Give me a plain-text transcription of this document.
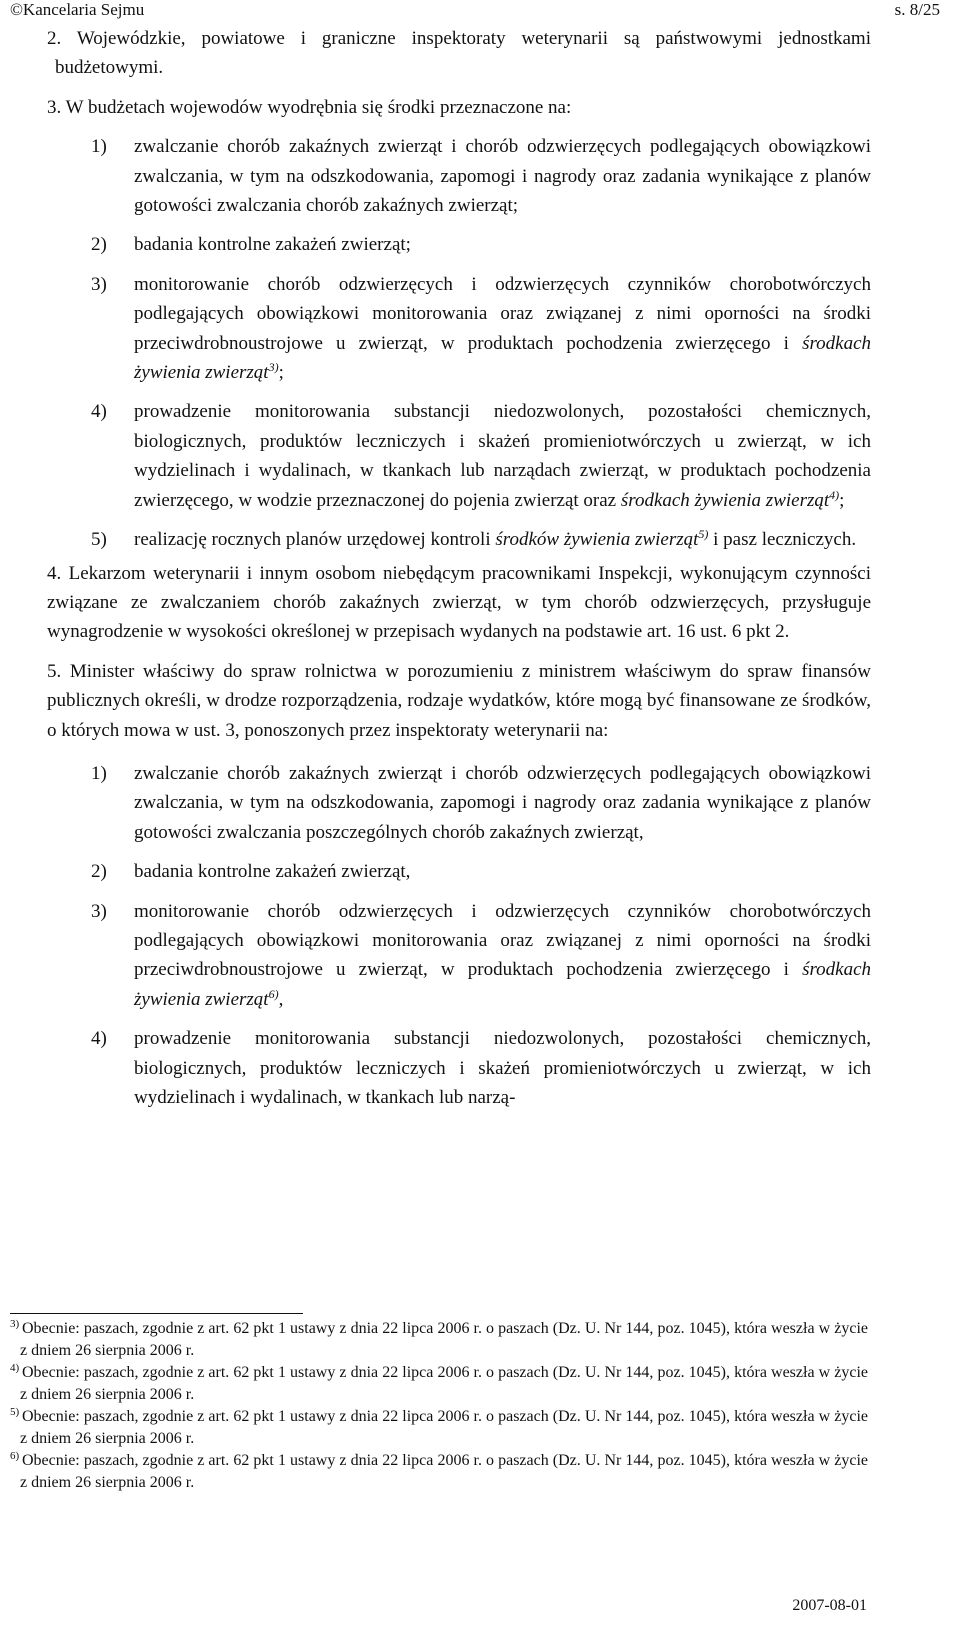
©Kancelaria Sejmu	s. 8/25
2. Wojewódzkie, powiatowe i graniczne inspektoraty weterynarii są państwowymi jednostkami budżetowymi.
3. W budżetach wojewodów wyodrębnia się środki przeznaczone na:
1) zwalczanie chorób zakaźnych zwierząt i chorób odzwierzęcych podlegających obowiązkowi zwalczania, w tym na odszkodowania, zapomogi i nagrody oraz zadania wynikające z planów gotowości zwalczania chorób zakaźnych zwierząt;
2) badania kontrolne zakażeń zwierząt;
3) monitorowanie chorób odzwierzęcych i odzwierzęcych czynników chorobotwórczych podlegających obowiązkowi monitorowania oraz związanej z nimi oporności na środki przeciwdrobnoustrojowe u zwierząt, w produktach pochodzenia zwierzęcego i środkach żywienia zwierząt$^{3)}$;
4) prowadzenie monitorowania substancji niedozwolonych, pozostałości chemicznych, biologicznych, produktów leczniczych i skażeń promieniotwórczych u zwierząt, w ich wydzielinach i wydalinach, w tkankach lub narządach zwierząt, w produktach pochodzenia zwierzęcego, w wodzie przeznaczonej do pojenia zwierząt oraz środkach żywienia zwierząt$^{4)}$;
5) realizację rocznych planów urzędowej kontroli środków żywienia zwierząt$^{5)}$ i pasz leczniczych.
4. Lekarzom weterynarii i innym osobom niebędącym pracownikami Inspekcji, wykonującym czynności związane ze zwalczaniem chorób zakaźnych zwierząt, w tym chorób odzwierzęcych, przysługuje wynagrodzenie w wysokości określonej w przepisach wydanych na podstawie art. 16 ust. 6 pkt 2.
5. Minister właściwy do spraw rolnictwa w porozumieniu z ministrem właściwym do spraw finansów publicznych określi, w drodze rozporządzenia, rodzaje wydatków, które mogą być finansowane ze środków, o których mowa w ust. 3, ponoszonych przez inspektoraty weterynarii na:
1) zwalczanie chorób zakaźnych zwierząt i chorób odzwierzęcych podlegających obowiązkowi zwalczania, w tym na odszkodowania, zapomogi i nagrody oraz zadania wynikające z planów gotowości zwalczania poszczególnych chorób zakaźnych zwierząt,
2) badania kontrolne zakażeń zwierząt,
3) monitorowanie chorób odzwierzęcych i odzwierzęcych czynników chorobotwórczych podlegających obowiązkowi monitorowania oraz związanej z nimi oporności na środki przeciwdrobnoustrojowe u zwierząt, w produktach pochodzenia zwierzęcego i środkach żywienia zwierząt$^{6)}$,
4) prowadzenie monitorowania substancji niedozwolonych, pozostałości chemicznych, biologicznych, produktów leczniczych i skażeń promieniotwórczych u zwierząt, w ich wydzielinach i wydalinach, w tkankach lub narzą-
3) Obecnie: paszach, zgodnie z art. 62 pkt 1 ustawy z dnia 22 lipca 2006 r. o paszach (Dz. U. Nr 144, poz. 1045), która weszła w życie z dniem 26 sierpnia 2006 r.
4) Obecnie: paszach, zgodnie z art. 62 pkt 1 ustawy z dnia 22 lipca 2006 r. o paszach (Dz. U. Nr 144, poz. 1045), która weszła w życie z dniem 26 sierpnia 2006 r.
5) Obecnie: paszach, zgodnie z art. 62 pkt 1 ustawy z dnia 22 lipca 2006 r. o paszach (Dz. U. Nr 144, poz. 1045), która weszła w życie z dniem 26 sierpnia 2006 r.
6) Obecnie: paszach, zgodnie z art. 62 pkt 1 ustawy z dnia 22 lipca 2006 r. o paszach (Dz. U. Nr 144, poz. 1045), która weszła w życie z dniem 26 sierpnia 2006 r.
2007-08-01
